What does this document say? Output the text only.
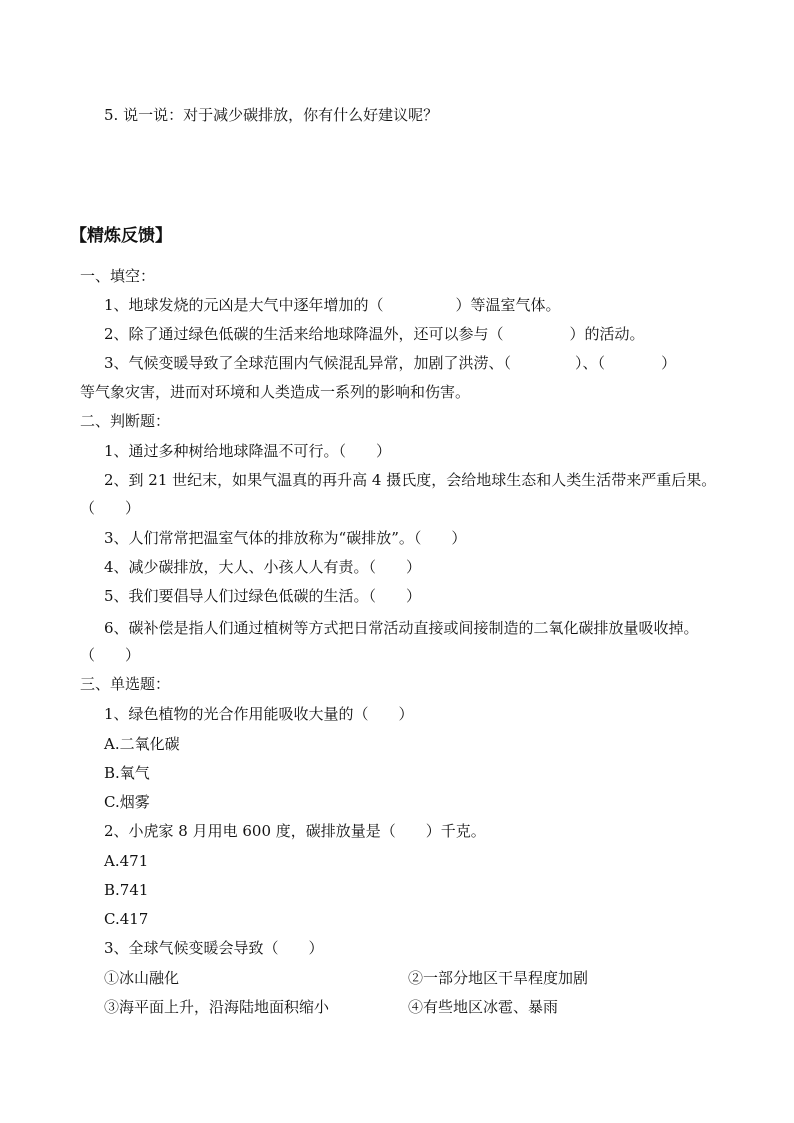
5. 说一说：对于减少碳排放，你有什么好建议呢？
【精炼反馈】
一、填空：
1、地球发烧的元凶是大气中逐年增加的（	）等温室气体。
2、除了通过绿色低碳的生活来给地球降温外，还可以参与（	）的活动。
3、气候变暖导致了全球范围内气候混乱异常，加剧了洪涝、（	）、（	）
等气象灾害，进而对环境和人类造成一系列的影响和伤害。
二、判断题：
1、通过多种树给地球降温不可行。（　　）
2、到 21 世纪末，如果气温真的再升高 4 摄氏度，会给地球生态和人类生活带来严重后果。
（　　）
3、人们常常把温室气体的排放称为“碳排放”。（　　）
4、减少碳排放，大人、小孩人人有责。（　　）
5、我们要倡导人们过绿色低碳的生活。（　　）
6、碳补偿是指人们通过植树等方式把日常活动直接或间接制造的二氧化碳排放量吸收掉。
（　　）
三、单选题：
1、绿色植物的光合作用能吸收大量的（　　）
A.二氧化碳
B.氧气
C.烟雾
2、小虎家 8 月用电 600 度，碳排放量是（　　）千克。
A.471
B.741
C.417
3、全球气候变暖会导致（　　）
①冰山融化	②一部分地区干旱程度加剧
③海平面上升，沿海陆地面积缩小	④有些地区冰雹、暴雨
